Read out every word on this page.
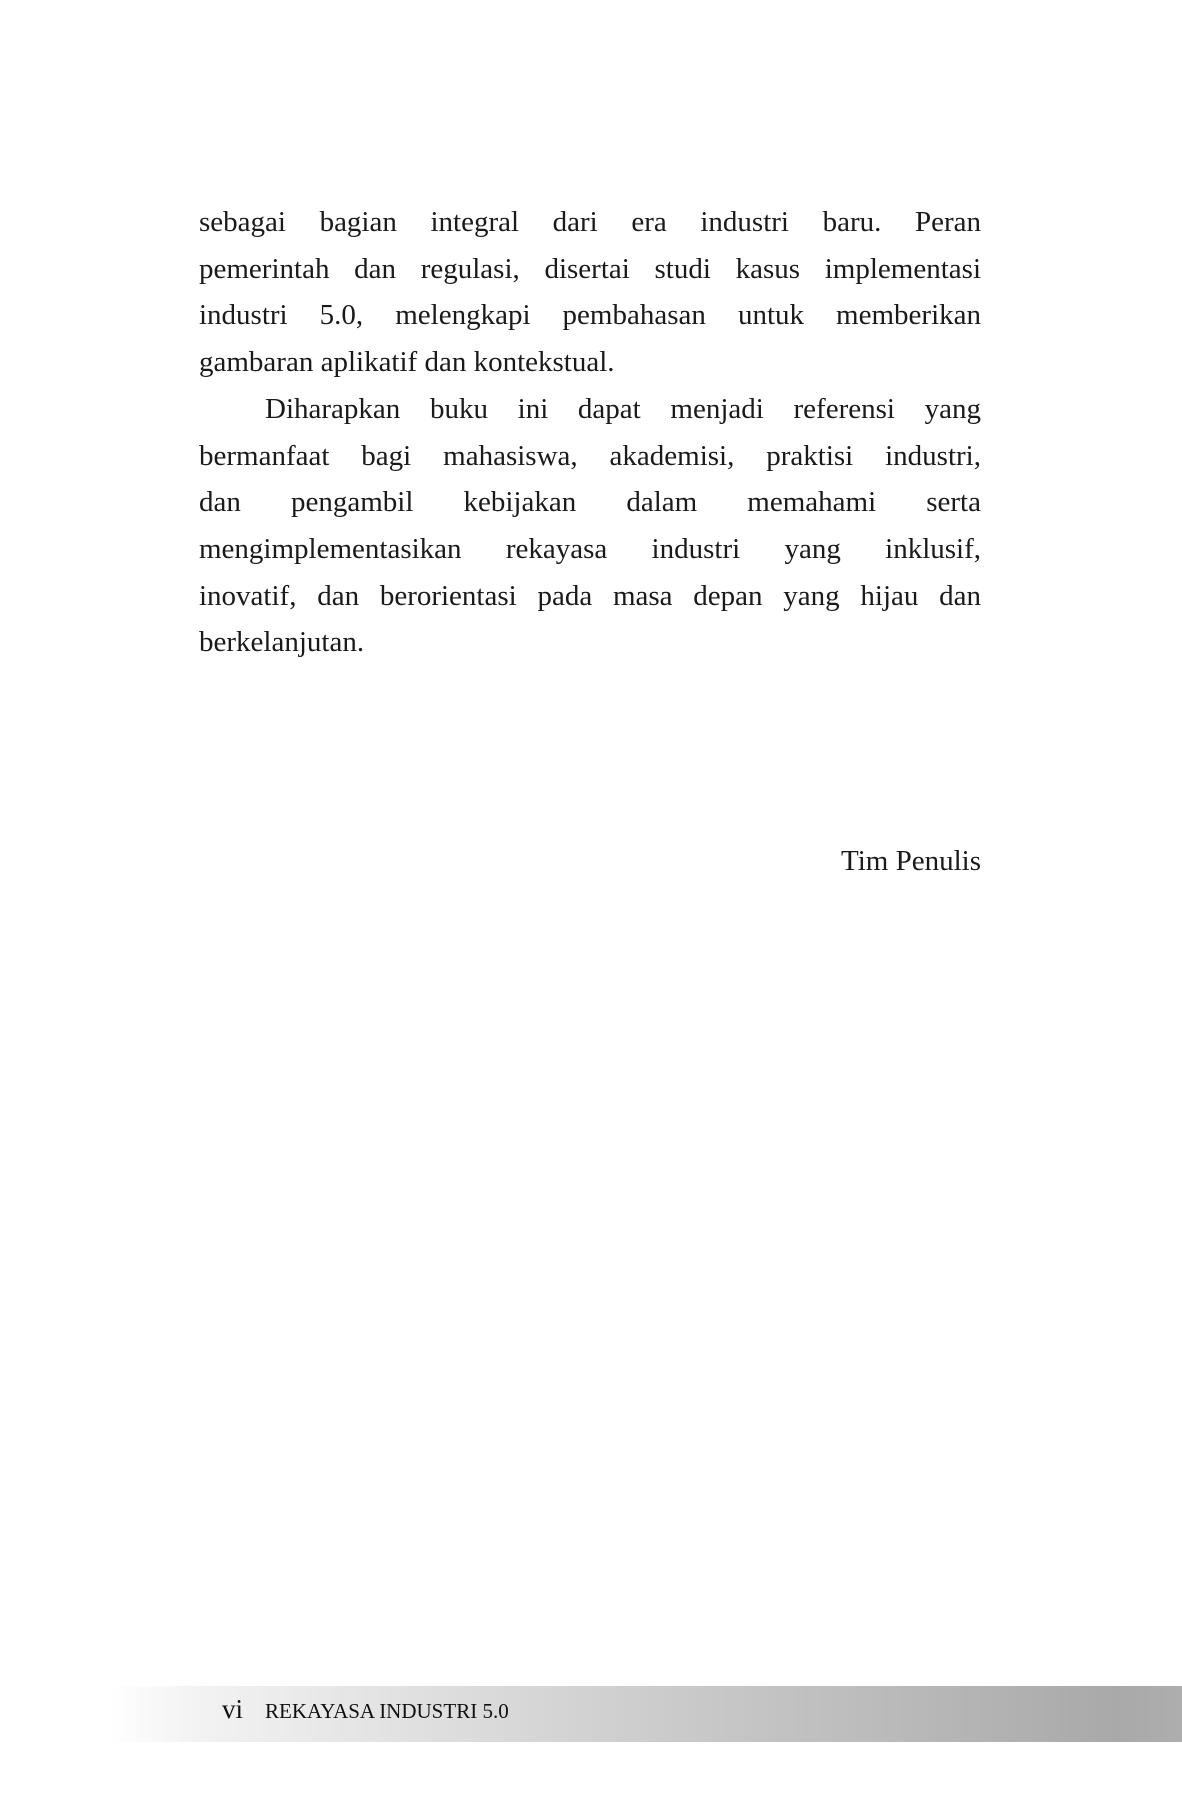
sebagai bagian integral dari era industri baru. Peran
pemerintah dan regulasi, disertai studi kasus implementasi
industri 5.0, melengkapi pembahasan untuk memberikan
gambaran aplikatif dan kontekstual.
Diharapkan buku ini dapat menjadi referensi yang
bermanfaat bagi mahasiswa, akademisi, praktisi industri,
dan pengambil kebijakan dalam memahami serta
mengimplementasikan rekayasa industri yang inklusif,
inovatif, dan berorientasi pada masa depan yang hijau dan
berkelanjutan.
Tim Penulis
vi REKAYASA INDUSTRI 5.0
